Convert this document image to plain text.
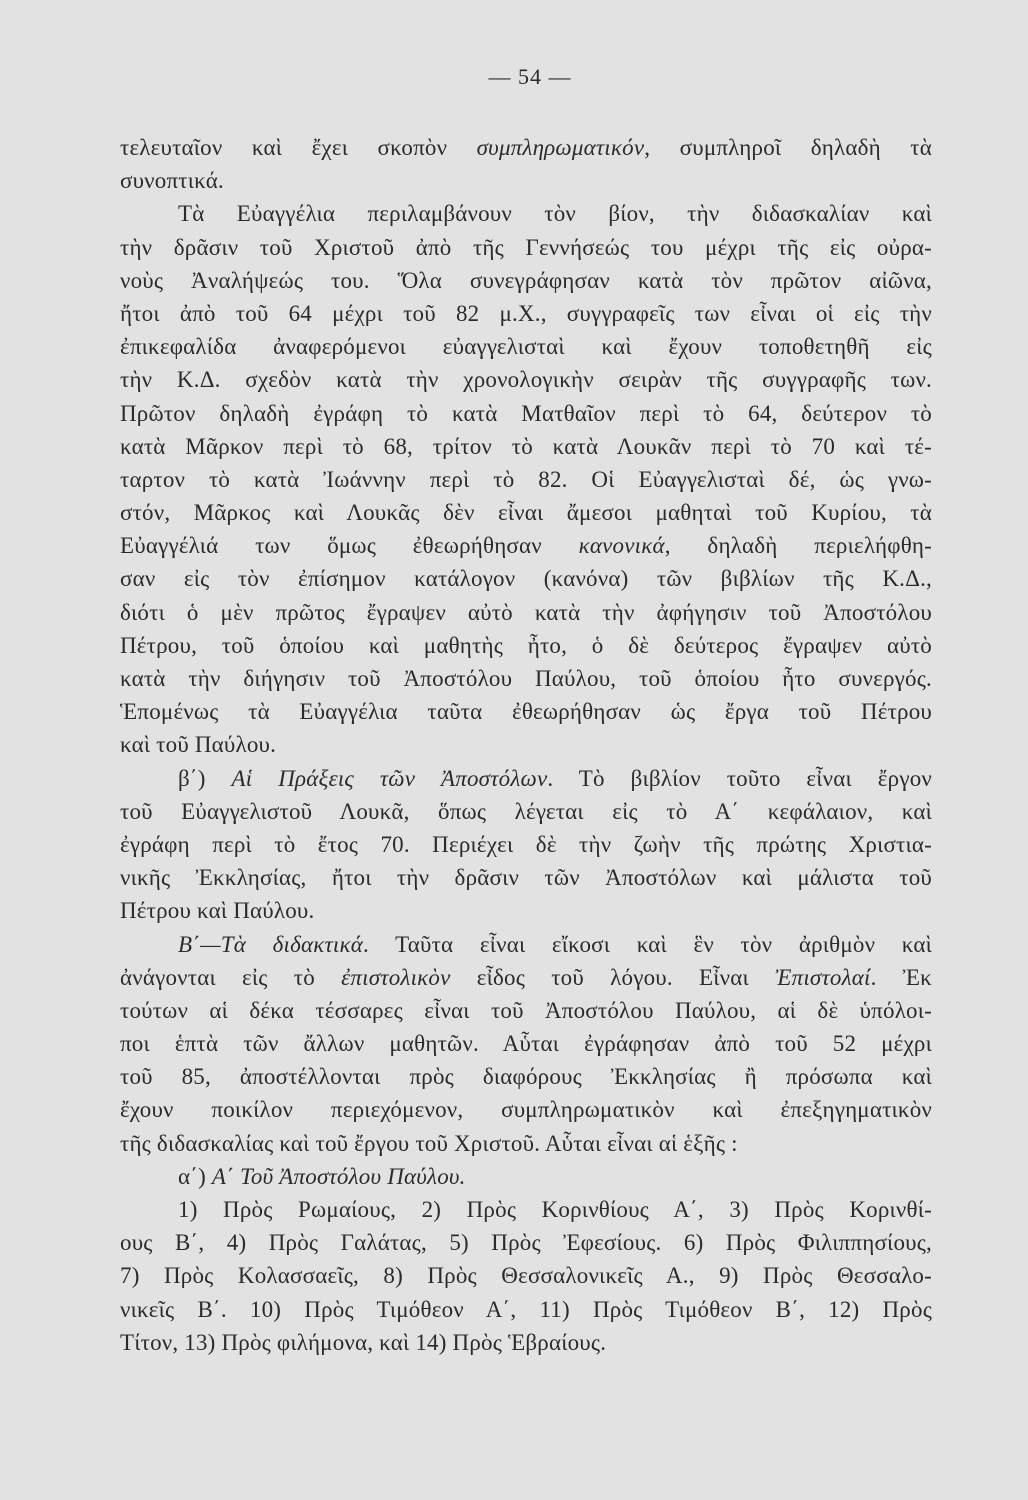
— 54 —
τελευταῖον καὶ ἔχει σκοπὸν συμπληρωματικόν, συμπληροῖ δηλαδὴ τὰ
συνοπτικά.
Τὰ Εὐαγγέλια περιλαμβάνουν τὸν βίον, τὴν διδασκαλίαν καὶ
τὴν δρᾶσιν τοῦ Χριστοῦ ἀπὸ τῆς Γεννήσεώς του μέχρι τῆς εἰς οὐρα-
νοὺς Ἀναλήψεώς του. Ὅλα συνεγράφησαν κατὰ τὸν πρῶτον αἰῶνα,
ἤτοι ἀπὸ τοῦ 64 μέχρι τοῦ 82 μ.Χ., συγγραφεῖς των εἶναι οἱ εἰς τὴν
ἐπικεφαλίδα ἀναφερόμενοι εὐαγγελισταὶ καὶ ἔχουν τοποθετηθῆ εἰς
τὴν Κ.Δ. σχεδὸν κατὰ τὴν χρονολογικὴν σειρὰν τῆς συγγραφῆς των.
Πρῶτον δηλαδὴ ἐγράφη τὸ κατὰ Ματθαῖον περὶ τὸ 64, δεύτερον τὸ
κατὰ Μᾶρκον περὶ τὸ 68, τρίτον τὸ κατὰ Λουκᾶν περὶ τὸ 70 καὶ τέ-
ταρτον τὸ κατὰ Ἰωάννην περὶ τὸ 82. Οἱ Εὐαγγελισταὶ δέ, ὡς γνω-
στόν, Μᾶρκος καὶ Λουκᾶς δὲν εἶναι ἄμεσοι μαθηταὶ τοῦ Κυρίου, τὰ
Εὐαγγέλιά των ὅμως ἐθεωρήθησαν κανονικά, δηλαδὴ περιελήφθη-
σαν εἰς τὸν ἐπίσημον κατάλογον (κανόνα) τῶν βιβλίων τῆς Κ.Δ.,
διότι ὁ μὲν πρῶτος ἔγραψεν αὐτὸ κατὰ τὴν ἀφήγησιν τοῦ Ἀποστόλου
Πέτρου, τοῦ ὁποίου καὶ μαθητὴς ἦτο, ὁ δὲ δεύτερος ἔγραψεν αὐτὸ
κατὰ τὴν διήγησιν τοῦ Ἀποστόλου Παύλου, τοῦ ὁποίου ἦτο συνεργός.
Ἑπομένως τὰ Εὐαγγέλια ταῦτα ἐθεωρήθησαν ὡς ἔργα τοῦ Πέτρου
καὶ τοῦ Παύλου.
β΄) Αἱ Πράξεις τῶν Ἀποστόλων. Τὸ βιβλίον τοῦτο εἶναι ἔργον
τοῦ Εὐαγγελιστοῦ Λουκᾶ, ὅπως λέγεται εἰς τὸ Α΄ κεφάλαιον, καὶ
ἐγράφη περὶ τὸ ἔτος 70. Περιέχει δὲ τὴν ζωὴν τῆς πρώτης Χριστια-
νικῆς Ἐκκλησίας, ἤτοι τὴν δρᾶσιν τῶν Ἀποστόλων καὶ μάλιστα τοῦ
Πέτρου καὶ Παύλου.
Β΄—Τὰ διδακτικά. Ταῦτα εἶναι εἴκοσι καὶ ἓν τὸν ἀριθμὸν καὶ
ἀνάγονται εἰς τὸ ἐπιστολικὸν εἶδος τοῦ λόγου. Εἶναι Ἐπιστολαί. Ἐκ
τούτων αἱ δέκα τέσσαρες εἶναι τοῦ Ἀποστόλου Παύλου, αἱ δὲ ὑπόλοι-
ποι ἑπτὰ τῶν ἄλλων μαθητῶν. Αὗται ἐγράφησαν ἀπὸ τοῦ 52 μέχρι
τοῦ 85, ἀποστέλλονται πρὸς διαφόρους Ἐκκλησίας ἢ πρόσωπα καὶ
ἔχουν ποικίλον περιεχόμενον, συμπληρωματικὸν καὶ ἐπεξηγηματικὸν
τῆς διδασκαλίας καὶ τοῦ ἔργου τοῦ Χριστοῦ. Αὗται εἶναι αἱ ἑξῆς :
α΄) Α΄ Τοῦ Ἀποστόλου Παύλου.
1) Πρὸς Ρωμαίους, 2) Πρὸς Κορινθίους Α΄, 3) Πρὸς Κορινθί-
ους Β΄, 4) Πρὸς Γαλάτας, 5) Πρὸς Ἐφεσίους. 6) Πρὸς Φιλιππησίους,
7) Πρὸς Κολασσαεῖς, 8) Πρὸς Θεσσαλονικεῖς Α., 9) Πρὸς Θεσσαλο-
νικεῖς Β΄. 10) Πρὸς Τιμόθεον Α΄, 11) Πρὸς Τιμόθεον Β΄, 12) Πρὸς
Τίτον, 13) Πρὸς φιλήμονα, καὶ 14) Πρὸς Ἑβραίους.
